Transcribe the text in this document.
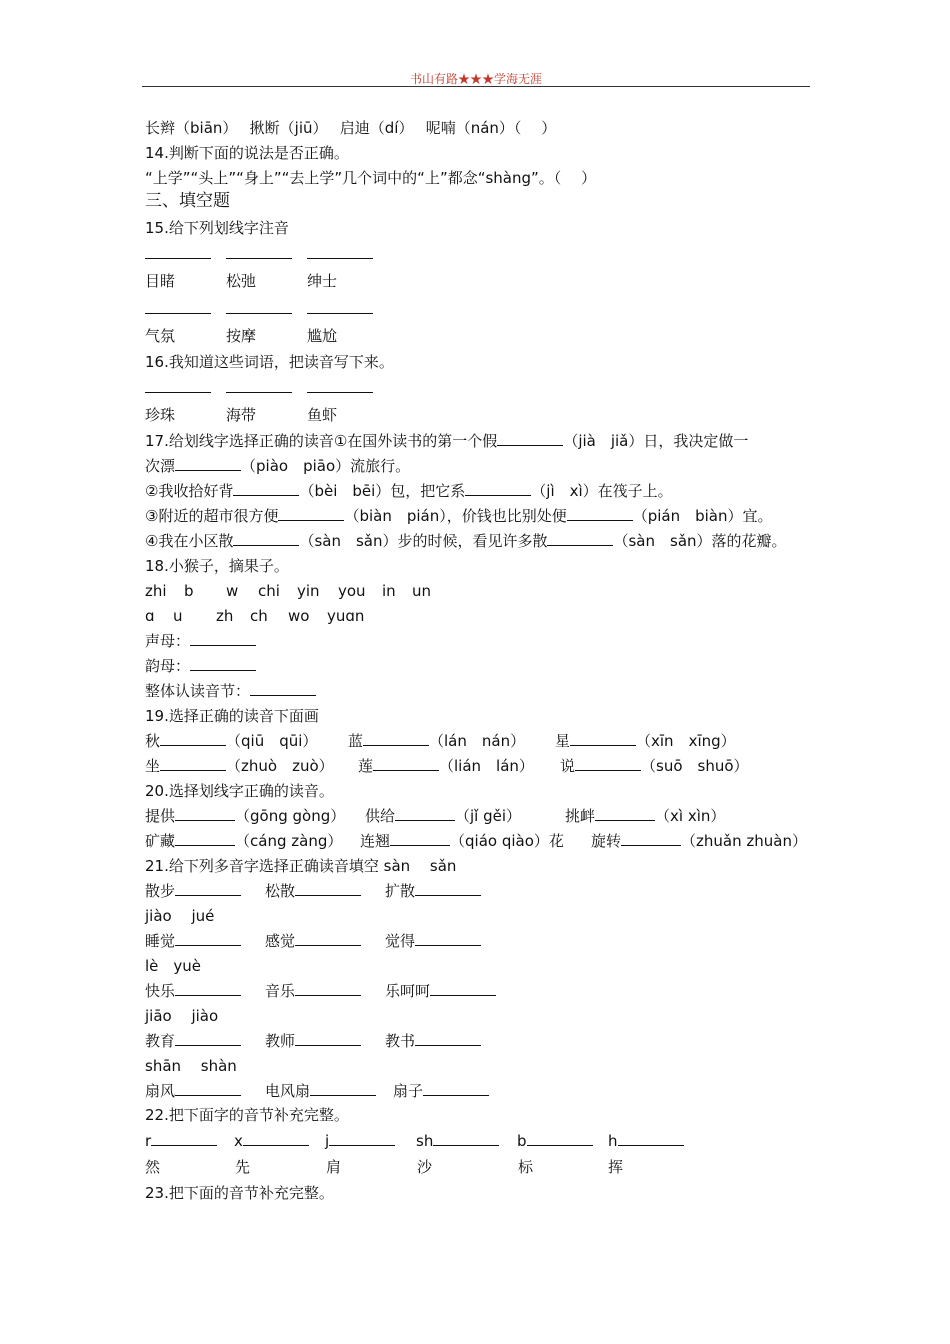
书山有路★★★学海无涯
长辫（biān）　 揪断（jiū）　 启迪（dí）　 呢喃（nán）（　 ）
14.判断下面的说法是否正确。
“上学”“头上”“身上”“去上学”几个词中的“上”都念“shàng”。（　 ）
三、填空题
15.给下列划线字注音
目睹	松弛	绅士
气氛	按摩	尴尬
16.我知道这些词语，把读音写下来。
珍珠	海带	鱼虾
17.给划线字选择正确的读音①在国外读书的第一个假	（jià　jiǎ）日，我决定做一
次漂	（piào　piāo）流旅行。
②我收拾好背	（bèi　bēi）包，把它系	（jì　xì）在筏子上。
③附近的超市很方便	（biàn　pián），价钱也比别处便	（pián　biàn）宜。
④我在小区散	（sàn　sǎn）步的时候，看见许多散	（sàn　sǎn）落的花瓣。
18.小猴子，摘果子。
zhi b w chi yin you in un
ɑ u zh ch wo yuɑn
声母：
韵母：
整体认读音节：
19.选择正确的读音下面画
秋	（qiū　qūi） 蓝	（lán　nán） 星	（xīn　xīng）
坐	（zhuò　zuò） 莲	（lián　lán） 说	（suō　shuō）
20.选择划线字正确的读音。
提供	（gōng gòng） 供给	（jǐ gěi）	挑衅	（xì xìn）
矿藏	（cáng zàng） 连翘	（qiáo qiào）花 旋转	（zhuǎn zhuàn）
21.给下列多音字选择正确读音填空 sàn　 sǎn
散步	松散	扩散
jiào　 jué
睡觉	感觉	觉得
lè　yuè
快乐	音乐	乐呵呵
jiāo　 jiào
教育	教师	教书
shān　 shàn
扇风	电风扇	扇子
22.把下面字的音节补充完整。
r	x	j	sh	b	h
然	先	肩	沙	标	挥
23.把下面的音节补充完整。
